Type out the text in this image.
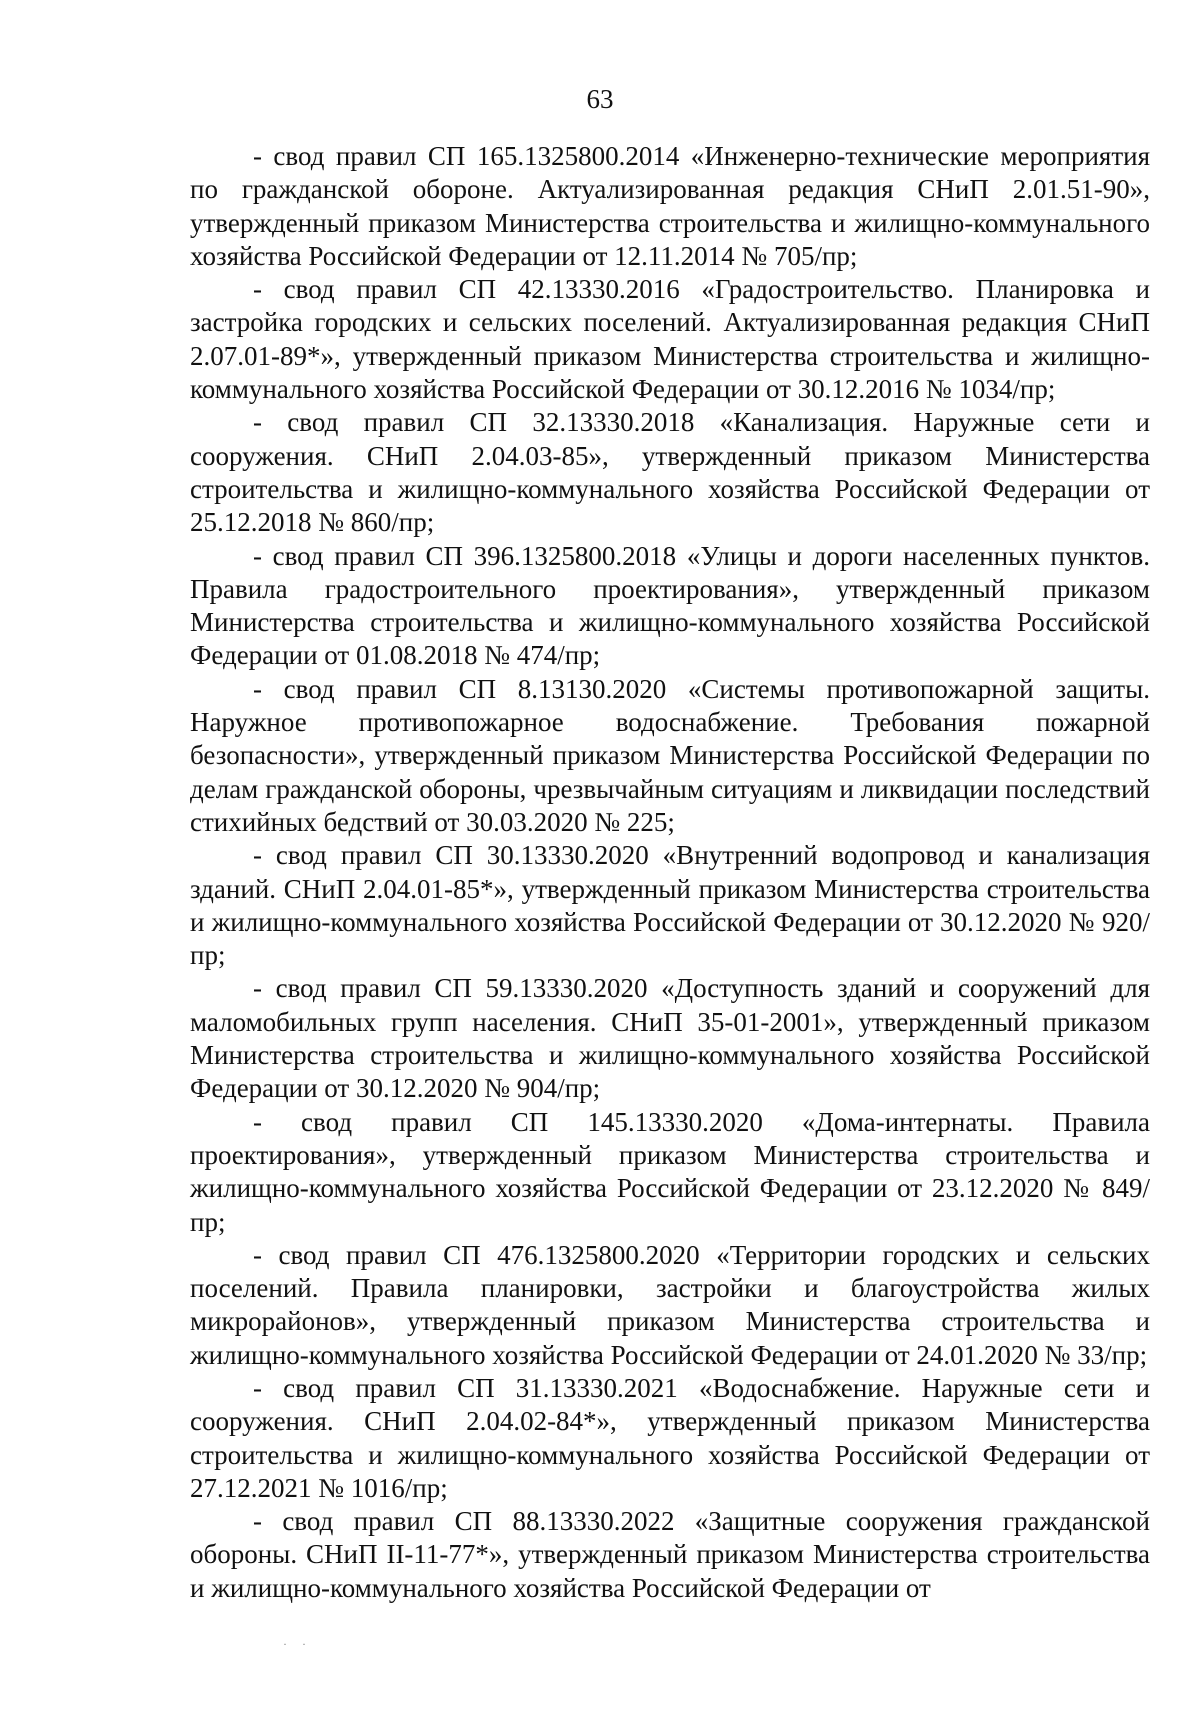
63

- свод правил СП 165.1325800.2014 «Инженерно-технические мероприятия по гражданской обороне. Актуализированная редакция СНиП 2.01.51-90», утвержденный приказом Министерства строительства и жилищно-коммунального хозяйства Российской Федерации от 12.11.2014 № 705/пр;

- свод правил СП 42.13330.2016 «Градостроительство. Планировка и застройка городских и сельских поселений. Актуализированная редакция СНиП 2.07.01-89*», утвержденный приказом Министерства строительства и жилищно-коммунального хозяйства Российской Федерации от 30.12.2016 № 1034/пр;

- свод правил СП 32.13330.2018 «Канализация. Наружные сети и сооружения. СНиП 2.04.03-85», утвержденный приказом Министерства строительства и жилищно-коммунального хозяйства Российской Федерации от 25.12.2018 № 860/пр;

- свод правил СП 396.1325800.2018 «Улицы и дороги населенных пунктов. Правила градостроительного проектирования», утвержденный приказом Министерства строительства и жилищно-коммунального хозяйства Российской Федерации от 01.08.2018 № 474/пр;

- свод правил СП 8.13130.2020 «Системы противопожарной защиты. Наружное противопожарное водоснабжение. Требования пожарной безопасности», утвержденный приказом Министерства Российской Федерации по делам гражданской обороны, чрезвычайным ситуациям и ликвидации последствий стихийных бедствий от 30.03.2020 № 225;

- свод правил СП 30.13330.2020 «Внутренний водопровод и канализация зданий. СНиП 2.04.01-85*», утвержденный приказом Министерства строительства и жилищно-коммунального хозяйства Российской Федерации от 30.12.2020 № 920/пр;

- свод правил СП 59.13330.2020 «Доступность зданий и сооружений для маломобильных групп населения. СНиП 35-01-2001», утвержденный приказом Министерства строительства и жилищно-коммунального хозяйства Российской Федерации от 30.12.2020 № 904/пр;

- свод правил СП 145.13330.2020 «Дома-интернаты. Правила проектирования», утвержденный приказом Министерства строительства и жилищно-коммунального хозяйства Российской Федерации от 23.12.2020 № 849/пр;

- свод правил СП 476.1325800.2020 «Территории городских и сельских поселений. Правила планировки, застройки и благоустройства жилых микрорайонов», утвержденный приказом Министерства строительства и жилищно-коммунального хозяйства Российской Федерации от 24.01.2020 № 33/пр;

- свод правил СП 31.13330.2021 «Водоснабжение. Наружные сети и сооружения. СНиП 2.04.02-84*», утвержденный приказом Министерства строительства и жилищно-коммунального хозяйства Российской Федерации от 27.12.2021 № 1016/пр;

- свод правил СП 88.13330.2022 «Защитные сооружения гражданской обороны. СНиП II-11-77*», утвержденный приказом Министерства строительства и жилищно-коммунального хозяйства Российской Федерации от

· ·
